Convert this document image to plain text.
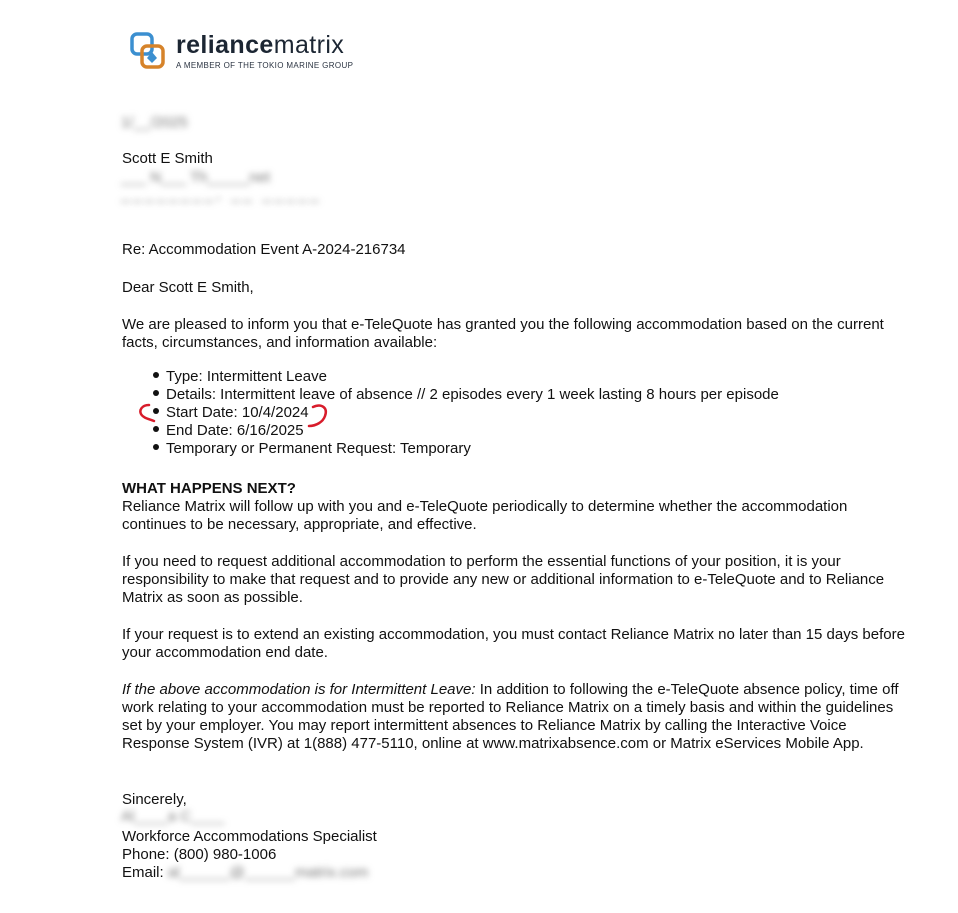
reliancematrix
A MEMBER OF THE TOKIO MARINE GROUP
1/__/2025
Scott E Smith
___ N___ Th_____net
________, __ _____
Re: Accommodation Event A-2024-216734
Dear Scott E Smith,
We are pleased to inform you that e-TeleQuote has granted you the following accommodation based on the current facts, circumstances, and information available:
Type: Intermittent Leave
Details: Intermittent leave of absence // 2 episodes every 1 week lasting 8 hours per episode
Start Date: 10/4/2024
End Date: 6/16/2025
Temporary or Permanent Request: Temporary
WHAT HAPPENS NEXT?
Reliance Matrix will follow up with you and e-TeleQuote periodically to determine whether the accommodation continues to be necessary, appropriate, and effective.
If you need to request additional accommodation to perform the essential functions of your position, it is your responsibility to make that request and to provide any new or additional information to e-TeleQuote and to Reliance Matrix as soon as possible.
If your request is to extend an existing accommodation, you must contact Reliance Matrix no later than 15 days before your accommodation end date.
If the above accommodation is for Intermittent Leave: In addition to following the e-TeleQuote absence policy, time off work relating to your accommodation must be reported to Reliance Matrix on a timely basis and within the guidelines set by your employer. You may report intermittent absences to Reliance Matrix by calling the Interactive Voice Response System (IVR) at 1(888) 477-5110, online at www.matrixabsence.com or Matrix eServices Mobile App.
Sincerely,
Al____a C____
Workforce Accommodations Specialist
Phone: (800) 980-1006
Email: al______@______matrix.com
